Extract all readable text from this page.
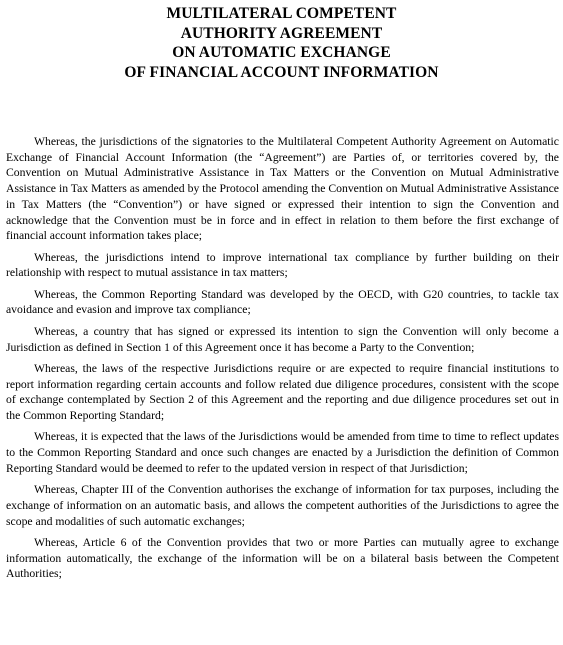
MULTILATERAL COMPETENT
AUTHORITY AGREEMENT
ON AUTOMATIC EXCHANGE
OF FINANCIAL ACCOUNT INFORMATION

Whereas, the jurisdictions of the signatories to the Multilateral Competent Authority Agreement on Automatic Exchange of Financial Account Information (the “Agreement”) are Parties of, or territories covered by, the Convention on Mutual Administrative Assistance in Tax Matters or the Convention on Mutual Administrative Assistance in Tax Matters as amended by the Protocol amending the Convention on Mutual Administrative Assistance in Tax Matters (the “Convention”) or have signed or expressed their intention to sign the Convention and acknowledge that the Convention must be in force and in effect in relation to them before the first exchange of financial account information takes place;

Whereas, the jurisdictions intend to improve international tax compliance by further building on their relationship with respect to mutual assistance in tax matters;

Whereas, the Common Reporting Standard was developed by the OECD, with G20 countries, to tackle tax avoidance and evasion and improve tax compliance;

Whereas, a country that has signed or expressed its intention to sign the Convention will only become a Jurisdiction as defined in Section 1 of this Agreement once it has become a Party to the Convention;

Whereas, the laws of the respective Jurisdictions require or are expected to require financial institutions to report information regarding certain accounts and follow related due diligence procedures, consistent with the scope of exchange contemplated by Section 2 of this Agreement and the reporting and due diligence procedures set out in the Common Reporting Standard;

Whereas, it is expected that the laws of the Jurisdictions would be amended from time to time to reflect updates to the Common Reporting Standard and once such changes are enacted by a Jurisdiction the definition of Common Reporting Standard would be deemed to refer to the updated version in respect of that Jurisdiction;

Whereas, Chapter III of the Convention authorises the exchange of information for tax purposes, including the exchange of information on an automatic basis, and allows the competent authorities of the Jurisdictions to agree the scope and modalities of such automatic exchanges;

Whereas, Article 6 of the Convention provides that two or more Parties can mutually agree to exchange information automatically, the exchange of the information will be on a bilateral basis between the Competent Authorities;
